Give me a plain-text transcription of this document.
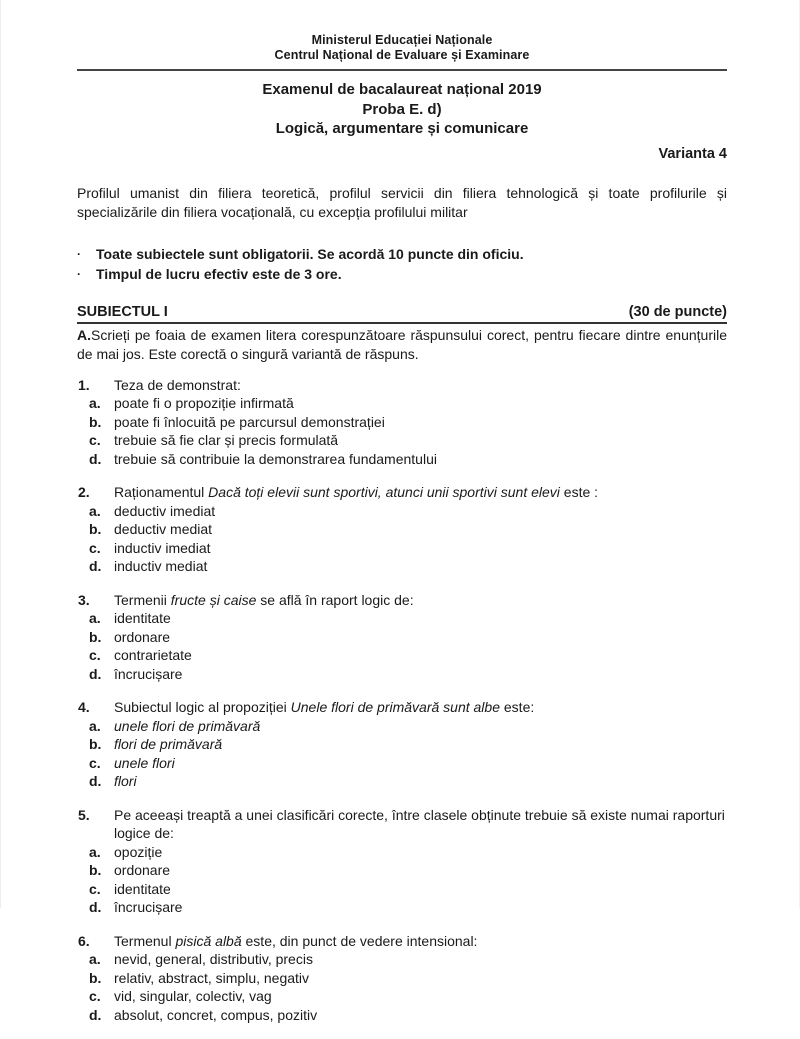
Ministerul Educației Naționale
Centrul Național de Evaluare și Examinare
Examenul de bacalaureat național 2019
Proba E. d)
Logică, argumentare și comunicare
Varianta 4
Profilul umanist din filiera teoretică, profilul servicii din filiera tehnologică și toate profilurile și specializările din filiera vocațională, cu excepția profilului militar
·	Toate subiectele sunt obligatorii. Se acordă 10 puncte din oficiu.
·	Timpul de lucru efectiv este de 3 ore.
SUBIECTUL I	(30 de puncte)
A.Scrieți pe foaia de examen litera corespunzătoare răspunsului corect, pentru fiecare dintre enunțurile de mai jos. Este corectă o singură variantă de răspuns.
1.	Teza de demonstrat:
a. poate fi o propoziție infirmată
b. poate fi înlocuită pe parcursul demonstrației
c. trebuie să fie clar și precis formulată
d. trebuie să contribuie la demonstrarea fundamentului
2.	Raționamentul Dacă toți elevii sunt sportivi, atunci unii sportivi sunt elevi este :
a. deductiv imediat
b. deductiv mediat
c. inductiv imediat
d. inductiv mediat
3.	Termenii fructe și caise se află în raport logic de:
a. identitate
b. ordonare
c. contrarietate
d. încrucișare
4.	Subiectul logic al propoziției Unele flori de primăvară sunt albe este:
a. unele flori de primăvară
b. flori de primăvară
c. unele flori
d. flori
5.	Pe aceeași treaptă a unei clasificări corecte, între clasele obținute trebuie să existe numai raporturi logice de:
a. opoziție
b. ordonare
c. identitate
d. încrucișare
6.	Termenul pisică albă este, din punct de vedere intensional:
a. nevid, general, distributiv, precis
b. relativ, abstract, simplu, negativ
c. vid, singular, colectiv, vag
d. absolut, concret, compus, pozitiv
